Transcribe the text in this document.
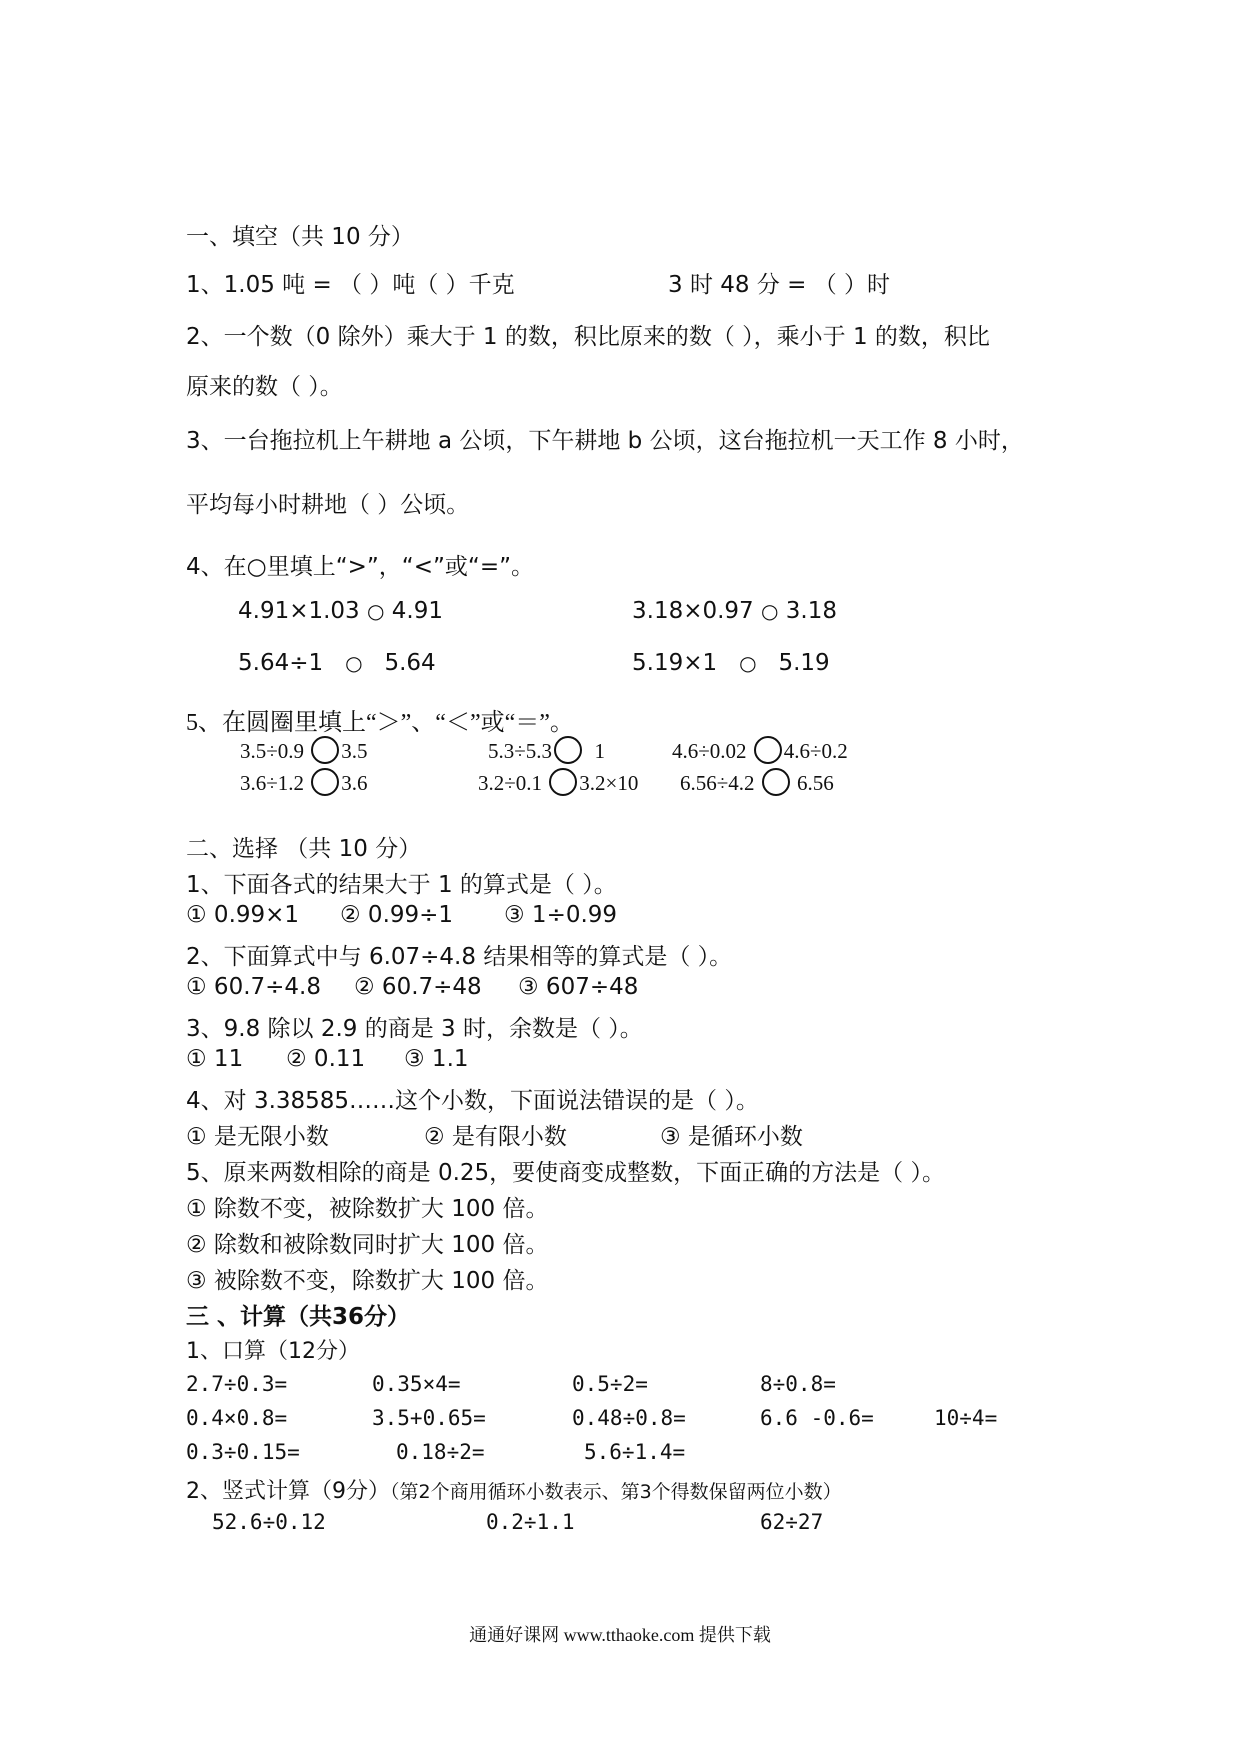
一、填空（共 10 分）
1、1.05 吨 = （ ）吨（ ）千克	3 时 48 分 = （ ）时
2、一个数（0 除外）乘大于 1 的数，积比原来的数（ ），乘小于 1 的数，积比
原来的数（ ）。
3、一台拖拉机上午耕地 a 公顷，下午耕地 b 公顷，这台拖拉机一天工作 8 小时，
平均每小时耕地（ ）公顷。
4、在○里填上“>”，“<”或“=”。
4.91×1.03 ○ 4.91	3.18×0.97 ○ 3.18
5.64÷1 ○ 5.64	5.19×1 ○ 5.19
5、在圆圈里填上“＞”、“＜”或“＝”。
3.5÷0.9 3.5	5.3÷5.3 1	4.6÷0.02 4.6÷0.2
3.6÷1.2 3.6	3.2÷0.1 3.2×10 6.56÷4.2 6.56
二、选择 （共 10 分）
1、下面各式的结果大于 1 的算式是（ ）。
① 0.99×1 ② 0.99÷1 ③ 1÷0.99
2、下面算式中与 6.07÷4.8 结果相等的算式是（ ）。
① 60.7÷4.8 ② 60.7÷48 ③ 607÷48
3、9.8 除以 2.9 的商是 3 时，余数是（ ）。
① 11 ② 0.11 ③ 1.1
4、对 3.38585……这个小数，下面说法错误的是（ ）。
① 是无限小数	② 是有限小数	③ 是循环小数
5、原来两数相除的商是 0.25，要使商变成整数，下面正确的方法是（ ）。
① 除数不变，被除数扩大 100 倍。
② 除数和被除数同时扩大 100 倍。
③ 被除数不变，除数扩大 100 倍。
三 、计算（共36分）
1、口算（12分）
2.7÷0.3=	0.35×4=	0.5÷2=	8÷0.8=
0.4×0.8=	3.5+0.65=	0.48÷0.8=	6.6 -0.6=	10÷4=
0.3÷0.15=	0.18÷2=	5.6÷1.4=
2、竖式计算（9分）（第2个商用循环小数表示、第3个得数保留两位小数）
52.6÷0.12	0.2÷1.1	62÷27
通通好课网 www.tthaoke.com 提供下载
